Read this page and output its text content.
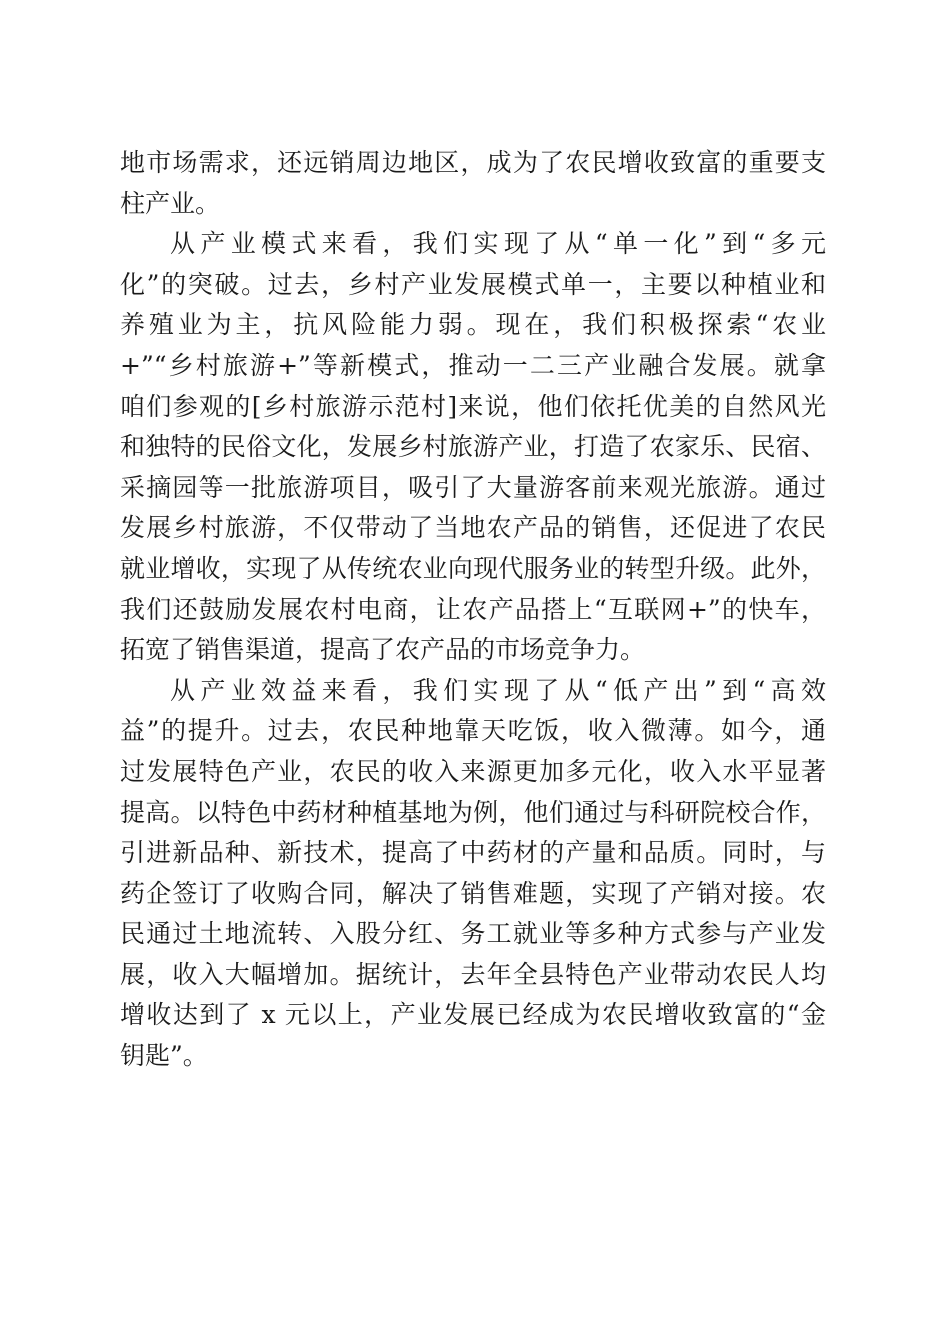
地市场需求，还远销周边地区，成为了农民增收致富的重要支
柱产业。
从产业模式来看，我们实现了从“单一化”到“多元
化”的突破。过去，乡村产业发展模式单一，主要以种植业和
养殖业为主，抗风险能力弱。现在，我们积极探索“农业
+”“乡村旅游+”等新模式，推动一二三产业融合发展。就拿
咱们参观的[乡村旅游示范村]来说，他们依托优美的自然风光
和独特的民俗文化，发展乡村旅游产业，打造了农家乐、民宿、
采摘园等一批旅游项目，吸引了大量游客前来观光旅游。通过
发展乡村旅游，不仅带动了当地农产品的销售，还促进了农民
就业增收，实现了从传统农业向现代服务业的转型升级。此外，
我们还鼓励发展农村电商，让农产品搭上“互联网+”的快车，
拓宽了销售渠道，提高了农产品的市场竞争力。
从产业效益来看，我们实现了从“低产出”到“高效
益”的提升。过去，农民种地靠天吃饭，收入微薄。如今，通
过发展特色产业，农民的收入来源更加多元化，收入水平显著
提高。以特色中药材种植基地为例，他们通过与科研院校合作，
引进新品种、新技术，提高了中药材的产量和品质。同时，与
药企签订了收购合同，解决了销售难题，实现了产销对接。农
民通过土地流转、入股分红、务工就业等多种方式参与产业发
展，收入大幅增加。据统计，去年全县特色产业带动农民人均
增收达到了 x 元以上，产业发展已经成为农民增收致富的“金
钥匙”。
